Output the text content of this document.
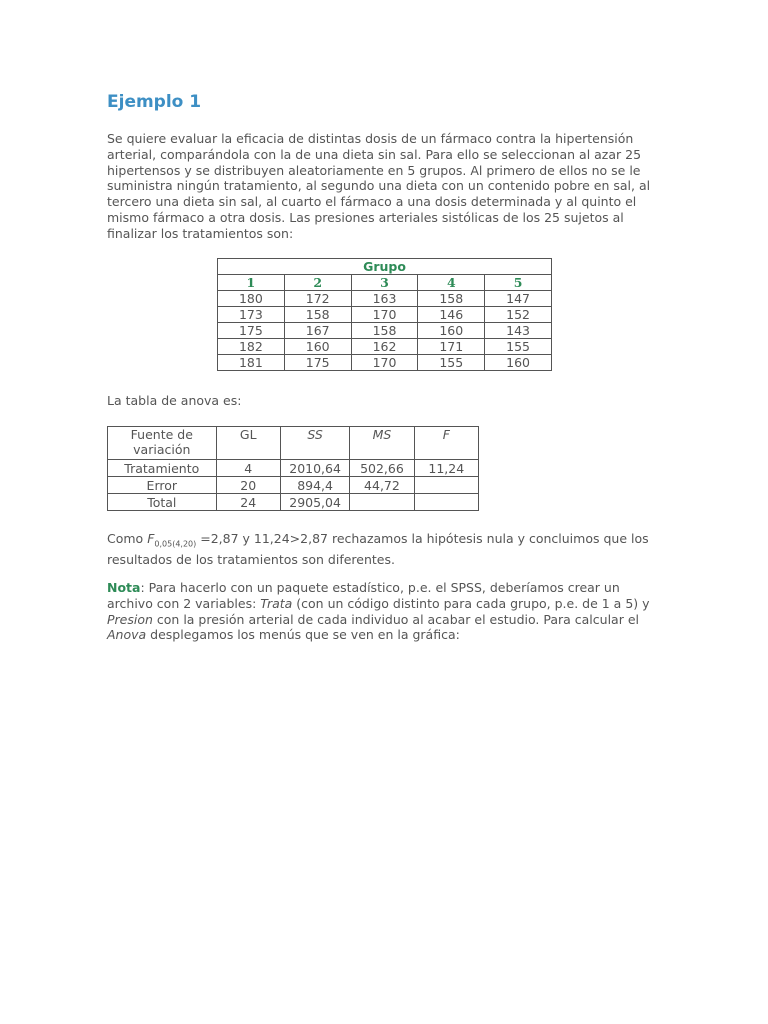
Ejemplo 1

Se quiere evaluar la eficacia de distintas dosis de un fármaco contra la hipertensión arterial, comparándola con la de una dieta sin sal. Para ello se seleccionan al azar 25 hipertensos y se distribuyen aleatoriamente en 5 grupos. Al primero de ellos no se le suministra ningún tratamiento, al segundo una dieta con un contenido pobre en sal, al tercero una dieta sin sal, al cuarto el fármaco a una dosis determinada y al quinto el mismo fármaco a otra dosis. Las presiones arteriales sistólicas de los 25 sujetos al finalizar los tratamientos son:

Grupo				
1	2	3	4	5
180	172	163	158	147
173	158	170	146	152
175	167	158	160	143
182	160	162	171	155
181	175	170	155	160

La tabla de anova es:

Fuente de variación	GL	SS	MS	F
Tratamiento	4	2010,64	502,66	11,24
Error	20	894,4	44,72	
Total	24	2905,04		

Como $F_{0,05(4,20)} =2,87$ y 11,24>2,87 rechazamos la hipótesis nula y concluimos que los resultados de los tratamientos son diferentes.

Nota: Para hacerlo con un paquete estadístico, p.e. el SPSS, deberíamos crear un archivo con 2 variables: Trata (con un código distinto para cada grupo, p.e. de 1 a 5) y Presion con la presión arterial de cada individuo al acabar el estudio. Para calcular el Anova desplegamos los menús que se ven en la gráfica:
